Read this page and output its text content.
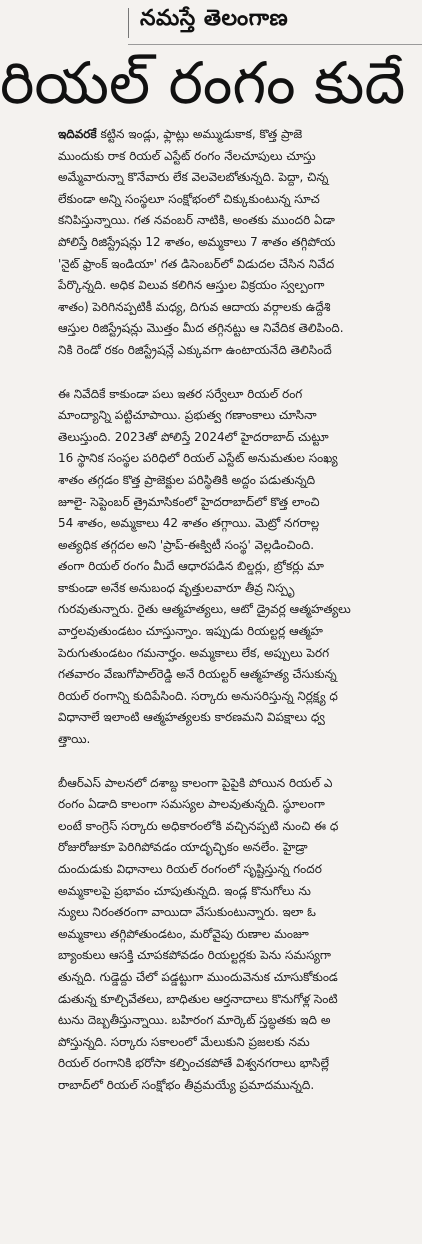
నమస్తే తెలంగాణ
రియల్ రంగం కుదే
ఇదివరకే కట్టిన ఇండ్లు, ఫ్లాట్లు అమ్ముడుకాక, కొత్త ప్రాజె
ముందుకు రాక రియల్ ఎస్టేట్ రంగం నేలచూపులు చూస్తు
అమ్మేవారున్నా కొనేవారు లేక వెలవెలబోతున్నది. పెద్దా, చిన్న
లేకుండా అన్ని సంస్థలూ సంక్షోభంలో చిక్కుకుంటున్న సూచ
కనిపిస్తున్నాయి. గత నవంబర్ నాటికి, అంతకు ముందరి ఏడా
పోలిస్తే రిజిస్ట్రేషన్లు 12 శాతం, అమ్మకాలు 7 శాతం తగ్గిపోయ
'నైట్ ఫ్రాంక్ ఇండియా' గత డిసెంబర్‌లో విడుదల చేసిన నివేద
పేర్కొన్నది. అధిక విలువ కలిగిన ఆస్తుల విక్రయం స్వల్పంగా
శాతం) పెరిగినప్పటికీ మధ్య, దిగువ ఆదాయ వర్గాలకు ఉద్దేశి
ఆస్తుల రిజిస్ట్రేషన్లు మొత్తం మీద తగ్గినట్టు ఆ నివేదిక తెలిపింది.
నికి రెండో రకం రిజిస్ట్రేషన్లే ఎక్కువగా ఉంటాయనేది తెలిసిందే
ఈ నివేదికే కాకుండా పలు ఇతర సర్వేలూ రియల్ రంగ
మాంద్యాన్ని పట్టిచూపాయి. ప్రభుత్వ గణాంకాలు చూసినా
తెలుస్తుంది. 2023తో పోలిస్తే 2024లో హైదరాబాద్ చుట్టూ
16 స్థానిక సంస్థల పరిధిలో రియల్ ఎస్టేట్ అనుమతుల సంఖ్య
శాతం తగ్గడం కొత్త ప్రాజెక్టుల పరిస్థితికి అద్దం పడుతున్నది
జూలై- సెప్టెంబర్ త్రైమాసికంలో హైదరాబాద్‌లో కొత్త లాంచి
54 శాతం, అమ్మకాలు 42 శాతం తగ్గాయి. మెట్రో నగరాల్ల
అత్యధిక తగ్గదల అని 'ప్రాప్-ఈక్విటీ సంస్థ' వెల్లడించింది.
తంగా రియల్ రంగం మీదే ఆధారపడిన బిల్డర్లు, బ్రోకర్లు మా
కాకుండా అనేక అనుబంధ వృత్తులవారూ తీవ్ర నిస్పృ
గురవుతున్నారు. రైతు ఆత్మహత్యలు, ఆటో డ్రైవర్ల ఆత్మహత్యలు
వార్తలవుతుండటం చూస్తున్నాం. ఇప్పుడు రియల్టర్ల ఆత్మహ
పెరుగుతుండటం గమనార్హం. అమ్మకాలు లేక, అప్పులు పెరగ
గతవారం వేణుగోపాల్‌రెడ్డి అనే రియల్టర్ ఆత్మహత్య చేసుకున్న
రియల్ రంగాన్ని కుదిపేసింది. సర్కారు అనుసరిస్తున్న నిర్లక్ష్య ధ
విధానాలే ఇలాంటి ఆత్మహత్యలకు కారణమని విపక్షాలు ధ్వ
త్తాయి.
బీఆర్ఎస్ పాలనలో దశాబ్ద కాలంగా పైపైకి పోయిన రియల్ ఎ
రంగం ఏడాది కాలంగా సమస్యల పాలవుతున్నది. స్థూలంగా
లంటే కాంగ్రెస్ సర్కారు అధికారంలోకి వచ్చినప్పటి నుంచి ఈ ధ
రోజురోజుకూ పెరిగిపోవడం యాదృచ్ఛికం అనలేం. హైడ్రా
దుందుడుకు విధానాలు రియల్ రంగంలో సృష్టిస్తున్న గందర
అమ్మకాలపై ప్రభావం చూపుతున్నది. ఇండ్ల కొనుగోలు ను
న్యులు నిరంతరంగా వాయిదా వేసుకుంటున్నారు. ఇలా ఓ
అమ్మకాలు తగ్గిపోతుండటం, మరోవైపు రుణాల మంజూ
బ్యాంకులు ఆసక్తి చూపకపోవడం రియల్టర్లకు పెను సమస్యగా
తున్నది. గుడ్డెద్దు చేలో పడ్డట్టుగా ముందువెనుక చూసుకోకుండ
డుతున్న కూల్చివేతలు, బాధితుల ఆర్తనాదాలు కొనుగోళ్ల సెంటి
టును దెబ్బతీస్తున్నాయి. బహిరంగ మార్కెట్ స్తబ్ధతకు ఇది అ
పోస్తున్నది. సర్కారు సకాలంలో మేలుకుని ప్రజలకు నమ
రియల్ రంగానికి భరోసా కల్పించకపోతే విశ్వనగరాలు భాసిల్లే
రాబాద్‌లో రియల్ సంక్షోభం తీవ్రమయ్యే ప్రమాదమున్నది.
